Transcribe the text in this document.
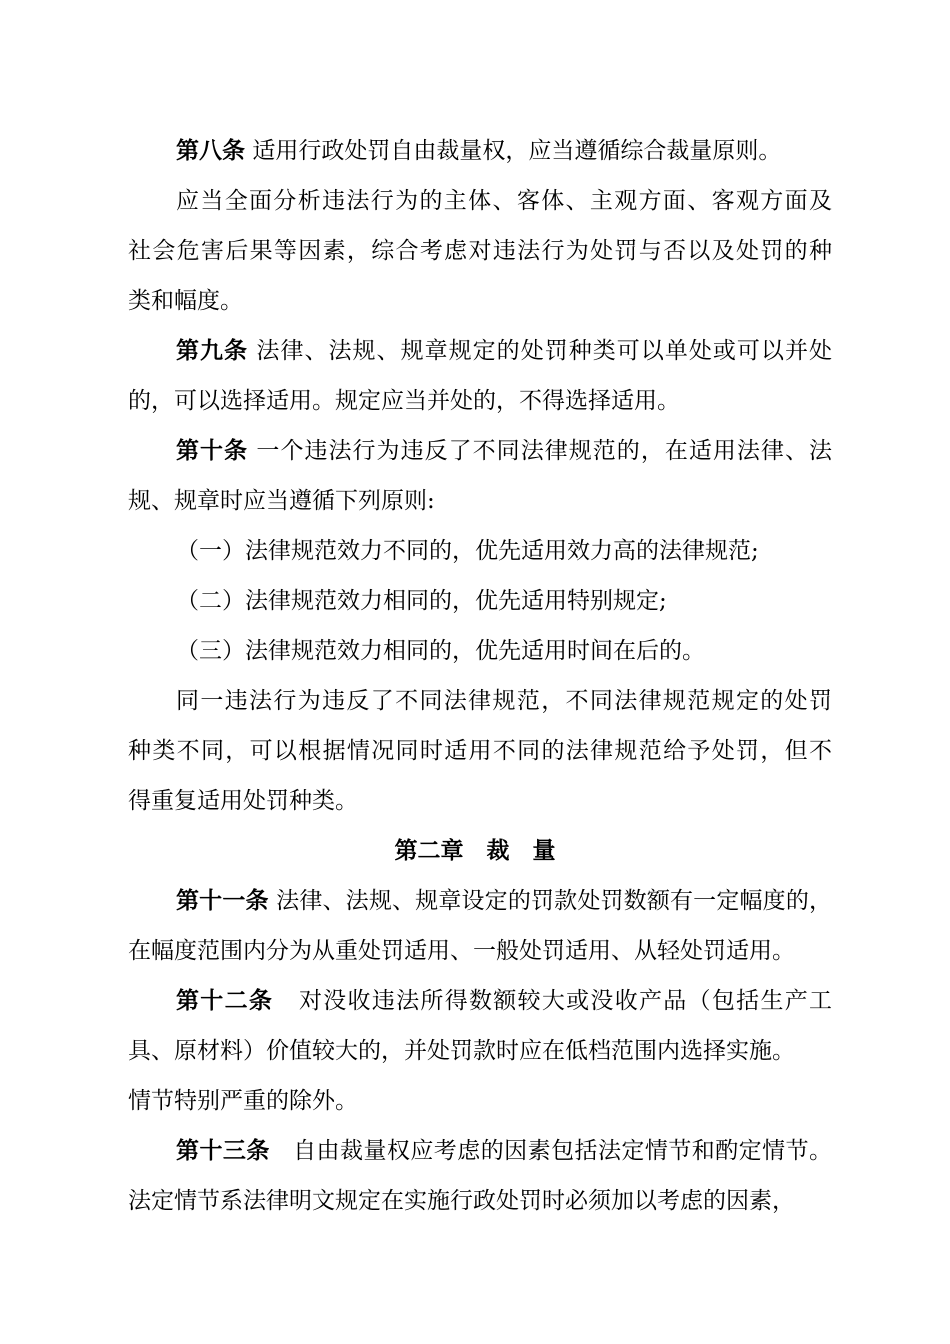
第八条 适用行政处罚自由裁量权，应当遵循综合裁量原则。
应当全面分析违法行为的主体、客体、主观方面、客观方面及
社会危害后果等因素，综合考虑对违法行为处罚与否以及处罚的种
类和幅度。
第九条 法律、法规、规章规定的处罚种类可以单处或可以并处
的，可以选择适用。规定应当并处的，不得选择适用。
第十条 一个违法行为违反了不同法律规范的，在适用法律、法
规、规章时应当遵循下列原则:
（一）法律规范效力不同的，优先适用效力高的法律规范;
（二）法律规范效力相同的，优先适用特别规定;
（三）法律规范效力相同的，优先适用时间在后的。
同一违法行为违反了不同法律规范，不同法律规范规定的处罚
种类不同，可以根据情况同时适用不同的法律规范给予处罚，但不
得重复适用处罚种类。
第二章　裁　量
第十一条 法律、法规、规章设定的罚款处罚数额有一定幅度的，
在幅度范围内分为从重处罚适用、一般处罚适用、从轻处罚适用。
第十二条 对没收违法所得数额较大或没收产品（包括生产工
具、原材料）价值较大的，并处罚款时应在低档范围内选择实施。
情节特别严重的除外。
第十三条 自由裁量权应考虑的因素包括法定情节和酌定情节。
法定情节系法律明文规定在实施行政处罚时必须加以考虑的因素，
